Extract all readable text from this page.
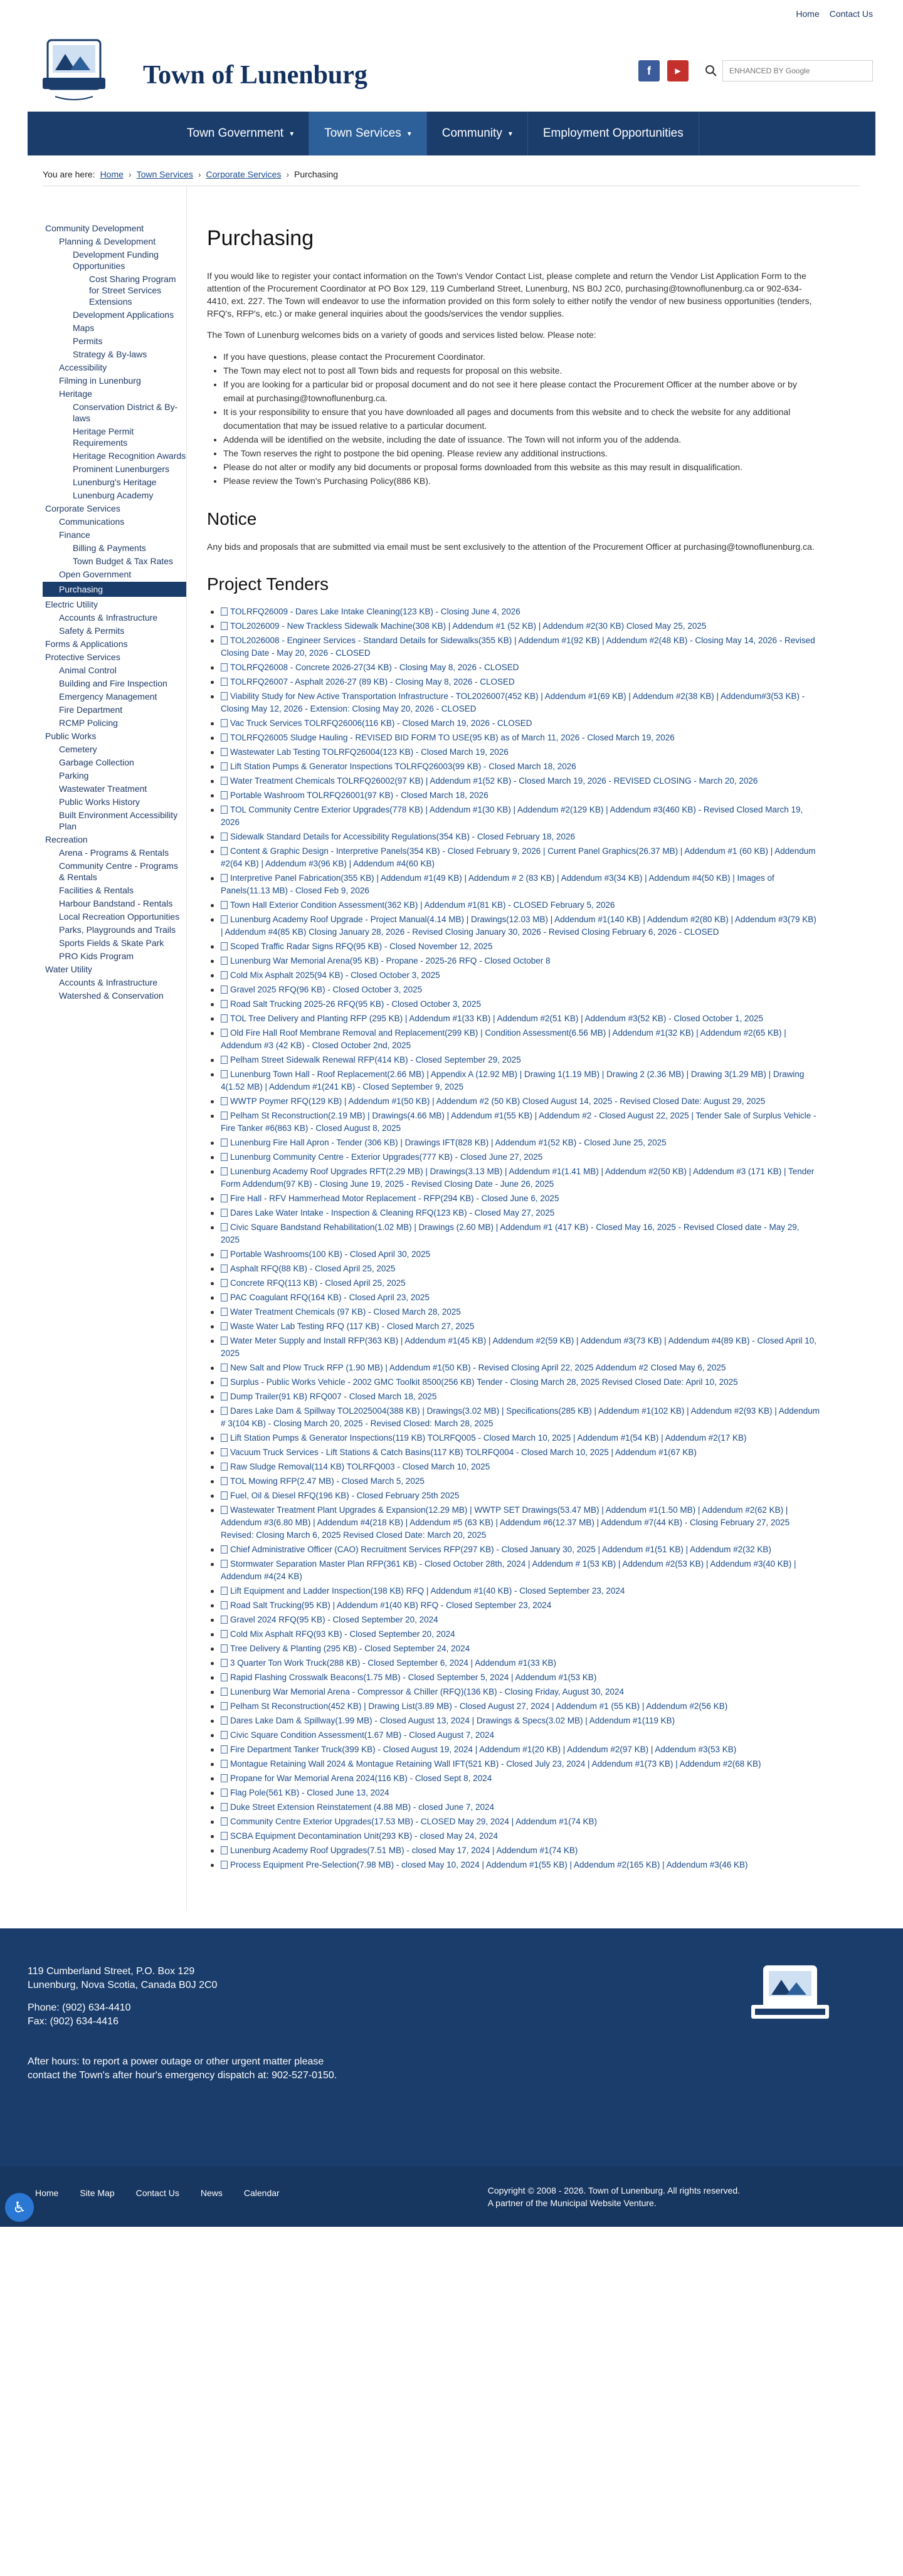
Home Contact Us
Town of Lunenburg	f	▶
ENHANCED BY Google
Town Government ▾	Town Services ▾	Community ▾	Employment Opportunities
You are here: Home › Town Services › Corporate Services › Purchasing
Community Development
Planning & Development
Development Funding Opportunities
Cost Sharing Program for Street Services Extensions
Development Applications
Maps
Permits
Strategy & By-laws
Accessibility
Filming in Lunenburg
Heritage
Conservation District & By-laws
Heritage Permit Requirements
Heritage Recognition Awards
Prominent Lunenburgers
Lunenburg's Heritage
Lunenburg Academy
Corporate Services
Communications
Finance
Billing & Payments
Town Budget & Tax Rates
Open Government
Purchasing
Electric Utility
Accounts & Infrastructure
Safety & Permits
Forms & Applications
Protective Services
Animal Control
Building and Fire Inspection
Emergency Management
Fire Department
RCMP Policing
Public Works
Cemetery
Garbage Collection
Parking
Wastewater Treatment
Public Works History
Built Environment Accessibility Plan
Recreation
Arena - Programs & Rentals
Community Centre - Programs & Rentals
Facilities & Rentals
Harbour Bandstand - Rentals
Local Recreation Opportunities
Parks, Playgrounds and Trails
Sports Fields & Skate Park
PRO Kids Program
Water Utility
Accounts & Infrastructure
Watershed & Conservation
Purchasing

If you would like to register your contact information on the Town's Vendor Contact List, please complete and return the Vendor List Application Form to the attention of the Procurement Coordinator at PO Box 129, 119 Cumberland Street, Lunenburg, NS B0J 2C0, purchasing@townoflunenburg.ca or 902-634-4410, ext. 227. The Town will endeavor to use the information provided on this form solely to either notify the vendor of new business opportunities (tenders, RFQ's, RFP's, etc.) or make general inquiries about the goods/services the vendor supplies.

The Town of Lunenburg welcomes bids on a variety of goods and services listed below. Please note:

• If you have questions, please contact the Procurement Coordinator.
• The Town may elect not to post all Town bids and requests for proposal on this website.
• If you are looking for a particular bid or proposal document and do not see it here please contact the Procurement Officer at the number above or by email at purchasing@townoflunenburg.ca.
• It is your responsibility to ensure that you have downloaded all pages and documents from this website and to check the website for any additional documentation that may be issued relative to a particular document.
• Addenda will be identified on the website, including the date of issuance. The Town will not inform you of the addenda.
• The Town reserves the right to postpone the bid opening. Please review any additional instructions.
• Please do not alter or modify any bid documents or proposal forms downloaded from this website as this may result in disqualification.
• Please review the Town's Purchasing Policy(886 KB).
Notice

Any bids and proposals that are submitted via email must be sent exclusively to the attention of the Procurement Officer at purchasing@townoflunenburg.ca.

Project Tenders
TOLRFQ26009 - Dares Lake Intake Cleaning(123 KB) - Closing June 4, 2026
TOL2026009 - New Trackless Sidewalk Machine(308 KB) | Addendum #1 (52 KB) | Addendum #2(30 KB) Closed May 25, 2025
TOL2026008 - Engineer Services - Standard Details for Sidewalks(355 KB) | Addendum #1(92 KB) | Addendum #2(48 KB) - Closing May 14, 2026 - Revised Closing Date - May 20, 2026 - CLOSED
TOLRFQ26008 - Concrete 2026-27(34 KB) - Closing May 8, 2026 - CLOSED
TOLRFQ26007 - Asphalt 2026-27 (89 KB) - Closing May 8, 2026 - CLOSED
Viability Study for New Active Transportation Infrastructure - TOL2026007(452 KB) | Addendum #1(69 KB) | Addendum #2(38 KB) | Addendum#3(53 KB) - Closing May 12, 2026 - Extension: Closing May 20, 2026 - CLOSED
Vac Truck Services TOLRFQ26006(116 KB) - Closed March 19, 2026 - CLOSED
TOLRFQ26005 Sludge Hauling - REVISED BID FORM TO USE(95 KB) as of March 11, 2026 - Closed March 19, 2026
Wastewater Lab Testing TOLRFQ26004(123 KB) - Closed March 19, 2026
Lift Station Pumps & Generator Inspections TOLRFQ26003(99 KB) - Closed March 18, 2026
Water Treatment Chemicals TOLRFQ26002(97 KB) | Addendum #1(52 KB) - Closed March 19, 2026 - REVISED CLOSING - March 20, 2026
Portable Washroom TOLRFQ26001(97 KB) - Closed March 18, 2026
TOL Community Centre Exterior Upgrades(778 KB) | Addendum #1(30 KB) | Addendum #2(129 KB) | Addendum #3(460 KB) - Revised Closed March 19, 2026
Sidewalk Standard Details for Accessibility Regulations(354 KB) - Closed February 18, 2026
Content & Graphic Design - Interpretive Panels(354 KB) - Closed February 9, 2026 | Current Panel Graphics(26.37 MB) | Addendum #1 (60 KB) | Addendum #2(64 KB) | Addendum #3(96 KB) | Addendum #4(60 KB)
Interpretive Panel Fabrication(355 KB) | Addendum #1(49 KB) | Addendum # 2 (83 KB) | Addendum #3(34 KB) | Addendum #4(50 KB) | Images of Panels(11.13 MB) - Closed Feb 9, 2026
Town Hall Exterior Condition Assessment(362 KB) | Addendum #1(81 KB) - CLOSED February 5, 2026
Lunenburg Academy Roof Upgrade - Project Manual(4.14 MB) | Drawings(12.03 MB) | Addendum #1(140 KB) | Addendum #2(80 KB) | Addendum #3(79 KB) | Addendum #4(85 KB) Closing January 28, 2026 - Revised Closing January 30, 2026 - Revised Closing February 6, 2026 - CLOSED
Scoped Traffic Radar Signs RFQ(95 KB) - Closed November 12, 2025
Lunenburg War Memorial Arena(95 KB) - Propane - 2025-26 RFQ - Closed October 8
Cold Mix Asphalt 2025(94 KB) - Closed October 3, 2025
Gravel 2025 RFQ(96 KB) - Closed October 3, 2025
Road Salt Trucking 2025-26 RFQ(95 KB) - Closed October 3, 2025
TOL Tree Delivery and Planting RFP (295 KB) | Addendum #1(33 KB) | Addendum #2(51 KB) | Addendum #3(52 KB) - Closed October 1, 2025
Old Fire Hall Roof Membrane Removal and Replacement(299 KB) | Condition Assessment(6.56 MB) | Addendum #1(32 KB) | Addendum #2(65 KB) | Addendum #3 (42 KB) - Closed October 2nd, 2025
Pelham Street Sidewalk Renewal RFP(414 KB) - Closed September 29, 2025
Lunenburg Town Hall - Roof Replacement(2.66 MB) | Appendix A (12.92 MB) | Drawing 1(1.19 MB) | Drawing 2 (2.36 MB) | Drawing 3(1.29 MB) | Drawing 4(1.52 MB) | Addendum #1(241 KB) - Closed September 9, 2025
WWTP Poymer RFQ(129 KB) | Addendum #1(50 KB) | Addendum #2 (50 KB) Closed August 14, 2025 - Revised Closed Date: August 29, 2025
Pelham St Reconstruction(2.19 MB) | Drawings(4.66 MB) | Addendum #1(55 KB) | Addendum #2 - Closed August 22, 2025 | Tender Sale of Surplus Vehicle - Fire Tanker #6(863 KB) - Closed August 8, 2025
Lunenburg Fire Hall Apron - Tender (306 KB) | Drawings IFT(828 KB) | Addendum #1(52 KB) - Closed June 25, 2025
Lunenburg Community Centre - Exterior Upgrades(777 KB) - Closed June 27, 2025
Lunenburg Academy Roof Upgrades RFT(2.29 MB) | Drawings(3.13 MB) | Addendum #1(1.41 MB) | Addendum #2(50 KB) | Addendum #3 (171 KB) | Tender Form Addendum(97 KB) - Closing June 19, 2025 - Revised Closing Date - June 26, 2025
Fire Hall - RFV Hammerhead Motor Replacement - RFP(294 KB) - Closed June 6, 2025
Dares Lake Water Intake - Inspection & Cleaning RFQ(123 KB) - Closed May 27, 2025
Civic Square Bandstand Rehabilitation(1.02 MB) | Drawings (2.60 MB) | Addendum #1 (417 KB) - Closed May 16, 2025 - Revised Closed date - May 29, 2025
Portable Washrooms(100 KB) - Closed April 30, 2025
Asphalt RFQ(88 KB) - Closed April 25, 2025
Concrete RFQ(113 KB) - Closed April 25, 2025
PAC Coagulant RFQ(164 KB) - Closed April 23, 2025
Water Treatment Chemicals (97 KB) - Closed March 28, 2025
Waste Water Lab Testing RFQ (117 KB) - Closed March 27, 2025
Water Meter Supply and Install RFP(363 KB) | Addendum #1(45 KB) | Addendum #2(59 KB) | Addendum #3(73 KB) | Addendum #4(89 KB) - Closed April 10, 2025
New Salt and Plow Truck RFP (1.90 MB) | Addendum #1(50 KB) - Revised Closing April 22, 2025 Addendum #2 Closed May 6, 2025
Surplus - Public Works Vehicle - 2002 GMC Toolkit 8500(256 KB) Tender - Closing March 28, 2025 Revised Closed Date: April 10, 2025
Dump Trailer(91 KB) RFQ007 - Closed March 18, 2025
Dares Lake Dam & Spillway TOL2025004(388 KB) | Drawings(3.02 MB) | Specifications(285 KB) | Addendum #1(102 KB) | Addendum #2(93 KB) | Addendum # 3(104 KB) - Closing March 20, 2025 - Revised Closed: March 28, 2025
Lift Station Pumps & Generator Inspections(119 KB) TOLRFQ005 - Closed March 10, 2025 | Addendum #1(54 KB) | Addendum #2(17 KB)
Vacuum Truck Services - Lift Stations & Catch Basins(117 KB) TOLRFQ004 - Closed March 10, 2025 | Addendum #1(67 KB)
Raw Sludge Removal(114 KB) TOLRFQ003 - Closed March 10, 2025
TOL Mowing RFP(2.47 MB) - Closed March 5, 2025
Fuel, Oil & Diesel RFQ(196 KB) - Closed February 25th 2025
Wastewater Treatment Plant Upgrades & Expansion(12.29 MB) | WWTP SET Drawings(53.47 MB) | Addendum #1(1.50 MB) | Addendum #2(62 KB) | Addendum #3(6.80 MB) | Addendum #4(218 KB) | Addendum #5 (63 KB) | Addendum #6(12.37 MB) | Addendum #7(44 KB) - Closing February 27, 2025 Revised: Closing March 6, 2025 Revised Closed Date: March 20, 2025
Chief Administrative Officer (CAO) Recruitment Services RFP(297 KB) - Closed January 30, 2025 | Addendum #1(51 KB) | Addendum #2(32 KB)
Stormwater Separation Master Plan RFP(361 KB) - Closed October 28th, 2024 | Addendum # 1(53 KB) | Addendum #2(53 KB) | Addendum #3(40 KB) | Addendum #4(24 KB)
Lift Equipment and Ladder Inspection(198 KB) RFQ | Addendum #1(40 KB) - Closed September 23, 2024
Road Salt Trucking(95 KB) | Addendum #1(40 KB) RFQ - Closed September 23, 2024
Gravel 2024 RFQ(95 KB) - Closed September 20, 2024
Cold Mix Asphalt RFQ(93 KB) - Closed September 20, 2024
Tree Delivery & Planting (295 KB) - Closed September 24, 2024
3 Quarter Ton Work Truck(288 KB) - Closed September 6, 2024 | Addendum #1(33 KB)
Rapid Flashing Crosswalk Beacons(1.75 MB) - Closed September 5, 2024 | Addendum #1(53 KB)
Lunenburg War Memorial Arena - Compressor & Chiller (RFQ)(136 KB) - Closing Friday, August 30, 2024
Pelham St Reconstruction(452 KB) | Drawing List(3.89 MB) - Closed August 27, 2024 | Addendum #1 (55 KB) | Addendum #2(56 KB)
Dares Lake Dam & Spillway(1.99 MB) - Closed August 13, 2024 | Drawings & Specs(3.02 MB) | Addendum #1(119 KB)
Civic Square Condition Assessment(1.67 MB) - Closed August 7, 2024
Fire Department Tanker Truck(399 KB) - Closed August 19, 2024 | Addendum #1(20 KB) | Addendum #2(97 KB) | Addendum #3(53 KB)
Montague Retaining Wall 2024 & Montague Retaining Wall IFT(521 KB) - Closed July 23, 2024 | Addendum #1(73 KB) | Addendum #2(68 KB)
Propane for War Memorial Arena 2024(116 KB) - Closed Sept 8, 2024
Flag Pole(561 KB) - Closed June 13, 2024
Duke Street Extension Reinstatement (4.88 MB) - closed June 7, 2024
Community Centre Exterior Upgrades(17.53 MB) - CLOSED May 29, 2024 | Addendum #1(74 KB)
SCBA Equipment Decontamination Unit(293 KB) - closed May 24, 2024
Lunenburg Academy Roof Upgrades(7.51 MB) - closed May 17, 2024 | Addendum #1(74 KB)
Process Equipment Pre-Selection(7.98 MB) - closed May 10, 2024 | Addendum #1(55 KB) | Addendum #2(165 KB) | Addendum #3(46 KB)
119 Cumberland Street, P.O. Box 129
Lunenburg, Nova Scotia, Canada B0J 2C0
Phone: (902) 634-4410
Fax: (902) 634-4416
After hours: to report a power outage or other urgent matter please contact the Town's after hour's emergency dispatch at: 902-527-0150.
Home Site Map Contact Us News Calendar	Copyright © 2008 - 2026. Town of Lunenburg. All rights reserved.
A partner of the Municipal Website Venture.
♿
